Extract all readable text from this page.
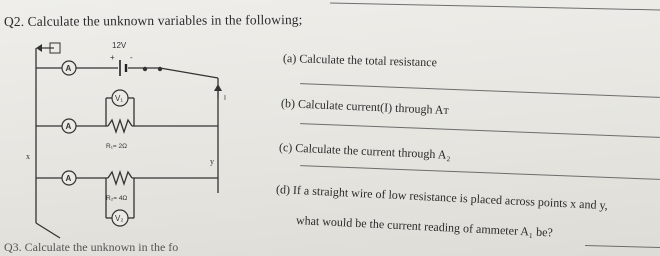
Q2. Calculate the unknown variables in the following;
(a) Calculate the total resistance
(b) Calculate current(I) through Aᴛ
(c) Calculate the current through A₂
(d) If a straight wire of low resistance is placed across points x and y,
what would be the current reading of ammeter A₁ be?
12V
+ -
I
A
A
A
V₁
V₂
R₁= 2Ω
R₂= 4Ω
x
y
Q3. Calculate the unknown in the fo
